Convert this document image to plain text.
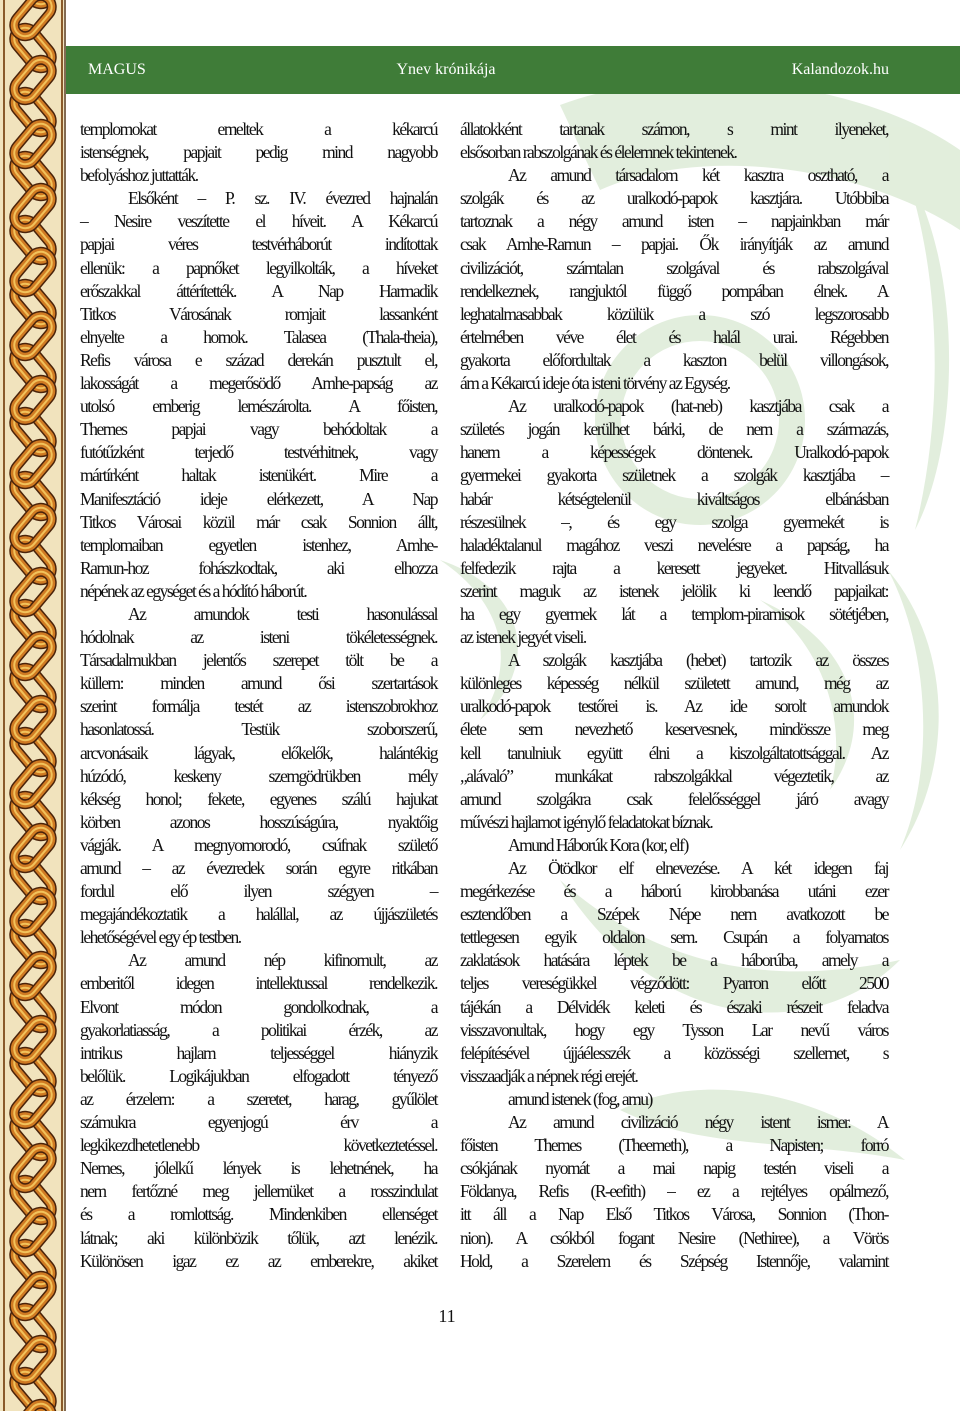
MAGUS	Ynev krónikája	Kalandozok.hu
templomokat emeltek a kékarcú
istenségnek, papjait pedig mind nagyobb
befolyáshoz juttatták.
Elsőként – P. sz. IV. évezred hajnalán
– Nesire veszítette el híveit. A Kékarcú
papjai véres testvérháborút indítottak
ellenük: a papnőket legyilkolták, a híveket
erőszakkal áttérítették. A Nap Harmadik
Titkos Városának romjait lassanként
elnyelte a homok. Talasea (Thala-theia),
Refis városa e század derekán pusztult el,
lakosságát a megerősödő Amhe-papság az
utolsó emberig lemészárolta. A főisten,
Themes papjai vagy behódoltak a
futótűzként terjedő testvérhitnek, vagy
mártírként haltak istenükért. Mire a
Manifesztáció ideje elérkezett, A Nap
Titkos Városai közül már csak Sonnion állt,
templomaiban egyetlen istenhez, Amhe-
Ramun-hoz fohászkodtak, aki elhozza
népének az egységet és a hódító háborút.
Az amundok testi hasonulással
hódolnak az isteni tökéletességnek.
Társadalmukban jelentős szerepet tölt be a
küllem: minden amund ősi szertartások
szerint formálja testét az istenszobrokhoz
hasonlatossá. Testük szoborszerű,
arcvonásaik lágyak, előkelők, halántékig
húzódó, keskeny szemgödrükben mély
kékség honol; fekete, egyenes szálú hajukat
körben azonos hosszúságúra, nyaktőig
vágják. A megnyomorodó, csúfnak születő
amund – az évezredek során egyre ritkában
fordul elő ilyen szégyen –
megajándékoztatik a halállal, az újjászületés
lehetőségével egy ép testben.
Az amund nép kifinomult, az
emberitől idegen intellektussal rendelkezik.
Elvont módon gondolkodnak, a
gyakorlatiasság, a politikai érzék, az
intrikus hajlam teljességgel hiányzik
belőlük. Logikájukban elfogadott tényező
az érzelem: a szeretet, harag, gyűlölet
számukra egyenjogú érv a
legkikezdhetetlenebb következtetéssel.
Nemes, jólelkű lények is lehetnének, ha
nem fertőzné meg jellemüket a rosszindulat
és a romlottság. Mindenkiben ellenséget
látnak; aki különbözik tőlük, azt lenézik.
Különösen igaz ez az emberekre, akiket
állatokként tartanak számon, s mint ilyeneket,
elsősorban rabszolgának és élelemnek tekintenek.
Az amund társadalom két kasztra osztható, a
szolgák és az uralkodó-papok kasztjára. Utóbbiba
tartoznak a négy amund isten – napjainkban már
csak Amhe-Ramun – papjai. Ők irányítják az amund
civilizációt, számtalan szolgával és rabszolgával
rendelkeznek, rangjuktól függő pompában élnek. A
leghatalmasabbak közülük a szó legszorosabb
értelmében véve élet és halál urai. Régebben
gyakorta előfordultak a kaszton belül villongások,
ám a Kékarcú ideje óta isteni törvény az Egység.
Az uralkodó-papok (hat-neb) kasztjába csak a
születés jogán kerülhet bárki, de nem a származás,
hanem a képességek döntenek. Uralkodó-papok
gyermekei gyakorta születnek a szolgák kasztjába –
habár kétségtelenül kiváltságos elbánásban
részesülnek –, és egy szolga gyermekét is
haladéktalanul magához veszi nevelésre a papság, ha
felfedezik rajta a keresett jegyeket. Hitvallásuk
szerint maguk az istenek jelölik ki leendő papjaikat:
ha egy gyermek lát a templom-piramisok sötétjében,
az istenek jegyét viseli.
A szolgák kasztjába (hebet) tartozik az összes
különleges képesség nélkül született amund, még az
uralkodó-papok testőrei is. Az ide sorolt amundok
élete sem nevezhető keservesnek, mindössze meg
kell tanulniuk együtt élni a kiszolgáltatottsággal. Az
„alávaló” munkákat rabszolgákkal végeztetik, az
amund szolgákra csak felelősséggel járó avagy
művészi hajlamot igénylő feladatokat bíznak.
Amund Háborúk Kora (kor, elf)
Az Ötödkor elf elnevezése. A két idegen faj
megérkezése és a háború kirobbanása utáni ezer
esztendőben a Szépek Népe nem avatkozott be
tettlegesen egyik oldalon sem. Csupán a folyamatos
zaklatások hatására léptek be a háborúba, amely a
teljes vereségükkel végződött: Pyarron előtt 2500
tájékán a Délvidék keleti és északi részeit feladva
visszavonultak, hogy egy Tysson Lar nevű város
felépítésével újjáélesszék a közösségi szellemet, s
visszaadják a népnek régi erejét.
amund istenek (fog, amu)
Az amund civilizáció négy istent ismer. A
főisten Themes (Theemeth), a Napisten; forró
csókjának nyomát a mai napig testén viseli a
Földanya, Refis (R-eefith) – ez a rejtélyes opálmező,
itt áll a Nap Első Titkos Városa, Sonnion (Thon-
nion). A csókból fogant Nesire (Nethiree), a Vörös
Hold, a Szerelem és Szépség Istennője, valamint
11
